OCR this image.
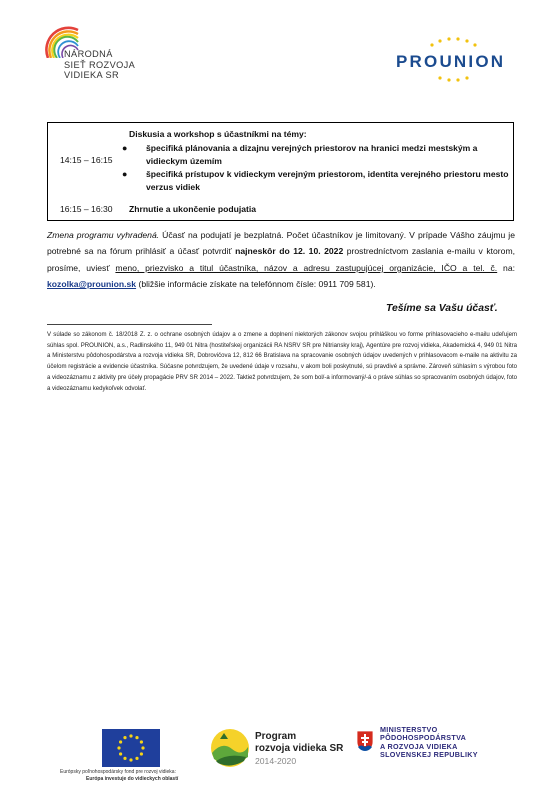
NÁRODNÁ
SIEŤ ROZVOJA
VIDIEKA SR
PROUNION
14:15 – 16:15
Diskusia a workshop s účastníkmi na témy:
● špecifiká plánovania a dizajnu verejných priestorov na hranici medzi mestským a vidieckym územím
● špecifiká prístupov k vidieckym verejným priestorom, identita verejného priestoru mesto verzus vidiek
16:15 – 16:30 Zhrnutie a ukončenie podujatia
Zmena programu vyhradená. Účasť na podujatí je bezplatná. Počet účastníkov je limitovaný. V prípade Vášho záujmu je potrebné sa na fórum prihlásiť a účasť potvrdiť najneskôr do 12. 10. 2022 prostredníctvom zaslania e-mailu v ktorom, prosíme, uviesť meno, priezvisko a titul účastníka, názov a adresu zastupujúcej organizácie, IČO a tel. č. na: kozolka@prounion.sk (bližšie informácie získate na telefónnom čísle: 0911 709 581).
Tešíme sa Vašu účasť.
V súlade so zákonom č. 18/2018 Z. z. o ochrane osobných údajov a o zmene a doplnení niektorých zákonov svojou prihláškou vo forme prihlasovacieho e-mailu udeľujem súhlas spol. PROUNION, a.s., Radlinského 11, 949 01 Nitra (hostiteľskej organizácii RA NSRV SR pre Nitriansky kraj), Agentúre pre rozvoj vidieka, Akademická 4, 949 01 Nitra a Ministerstvu pôdohospodárstva a rozvoja vidieka SR, Dobrovičova 12, 812 66 Bratislava na spracovanie osobných údajov uvedených v prihlasovacom e-maile na aktivitu za účelom registrácie a evidencie účastníka. Súčasne potvrdzujem, že uvedené údaje v rozsahu, v akom boli poskytnuté, sú pravdivé a správne. Zároveň súhlasím s výrobou foto a videozáznamu z aktivity pre účely propagácie PRV SR 2014 – 2022. Taktiež potvrdzujem, že som bol/-a informovaný/-á o práve súhlas so spracovaním osobných údajov, foto a videozáznamu kedykoľvek odvolať.
Európsky poľnohospodársky fond pre rozvoj vidieka:
Európa investuje do vidieckych oblastí
Program
rozvoja vidieka SR
2014-2020
MINISTERSTVO
PÔDOHOSPODÁRSTVA
A ROZVOJA VIDIEKA
SLOVENSKEJ REPUBLIKY
